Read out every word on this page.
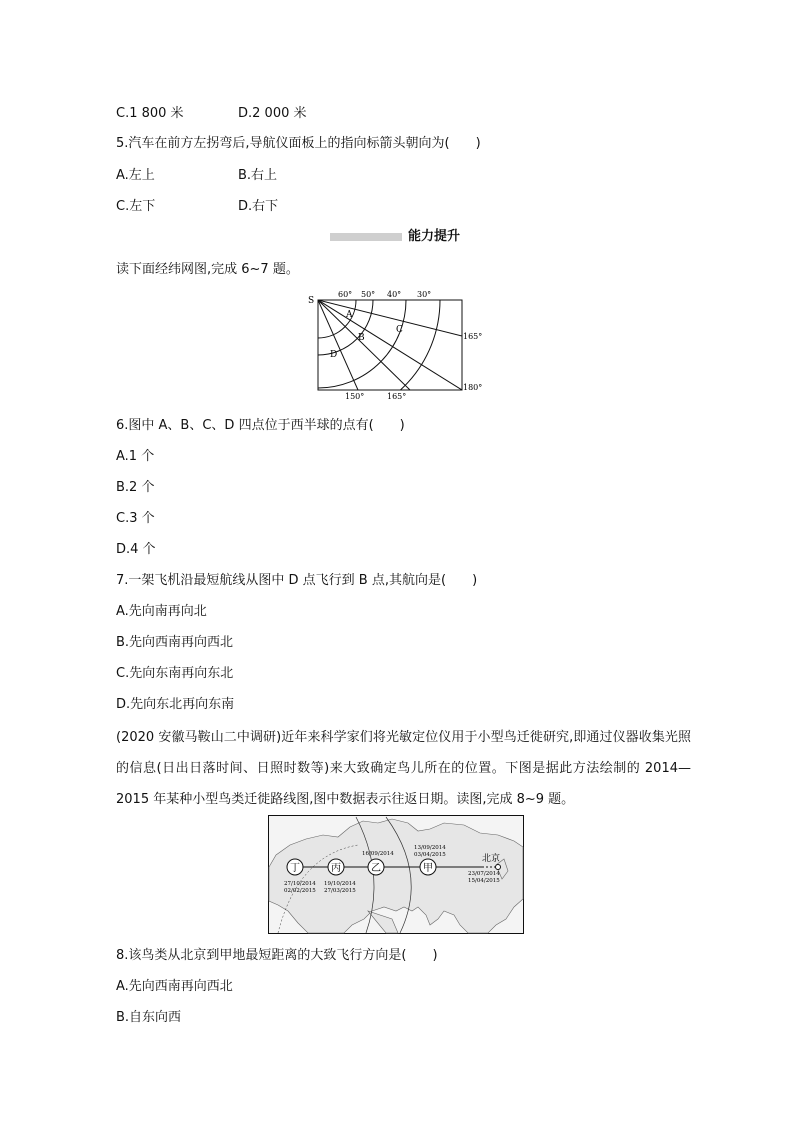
C.1 800 米	D.2 000 米
5.汽车在前方左拐弯后,导航仪面板上的指向标箭头朝向为(　　)
A.左上	B.右上
C.左下	D.右下
能力提升
读下面经纬网图,完成 6~7 题。
S
60° 50° 40° 30°
165°
180°
150°	165°
A
B
C
D
6.图中 A、B、C、D 四点位于西半球的点有(　　)
A.1 个
B.2 个
C.3 个
D.4 个
7.一架飞机沿最短航线从图中 D 点飞行到 B 点,其航向是(　　)
A.先向南再向北
B.先向西南再向西北
C.先向东南再向东北
D.先向东北再向东南
(2020 安徽马鞍山二中调研)近年来科学家们将光敏定位仪用于小型鸟迁徙研究,即通过仪器收集光照的信息(日出日落时间、日照时数等)来大致确定鸟儿所在的位置。下图是据此方法绘制的 2014—2015 年某种小型鸟类迁徙路线图,图中数据表示往返日期。读图,完成 8~9 题。
丁	丙	乙	甲
北京
27/10/2014
02/02/2015
19/10/2014
27/03/2015
16/09/2014
13/09/2014
03/04/2015
23/07/2014
15/04/2015
8.该鸟类从北京到甲地最短距离的大致飞行方向是(　　)
A.先向西南再向西北
B.自东向西
